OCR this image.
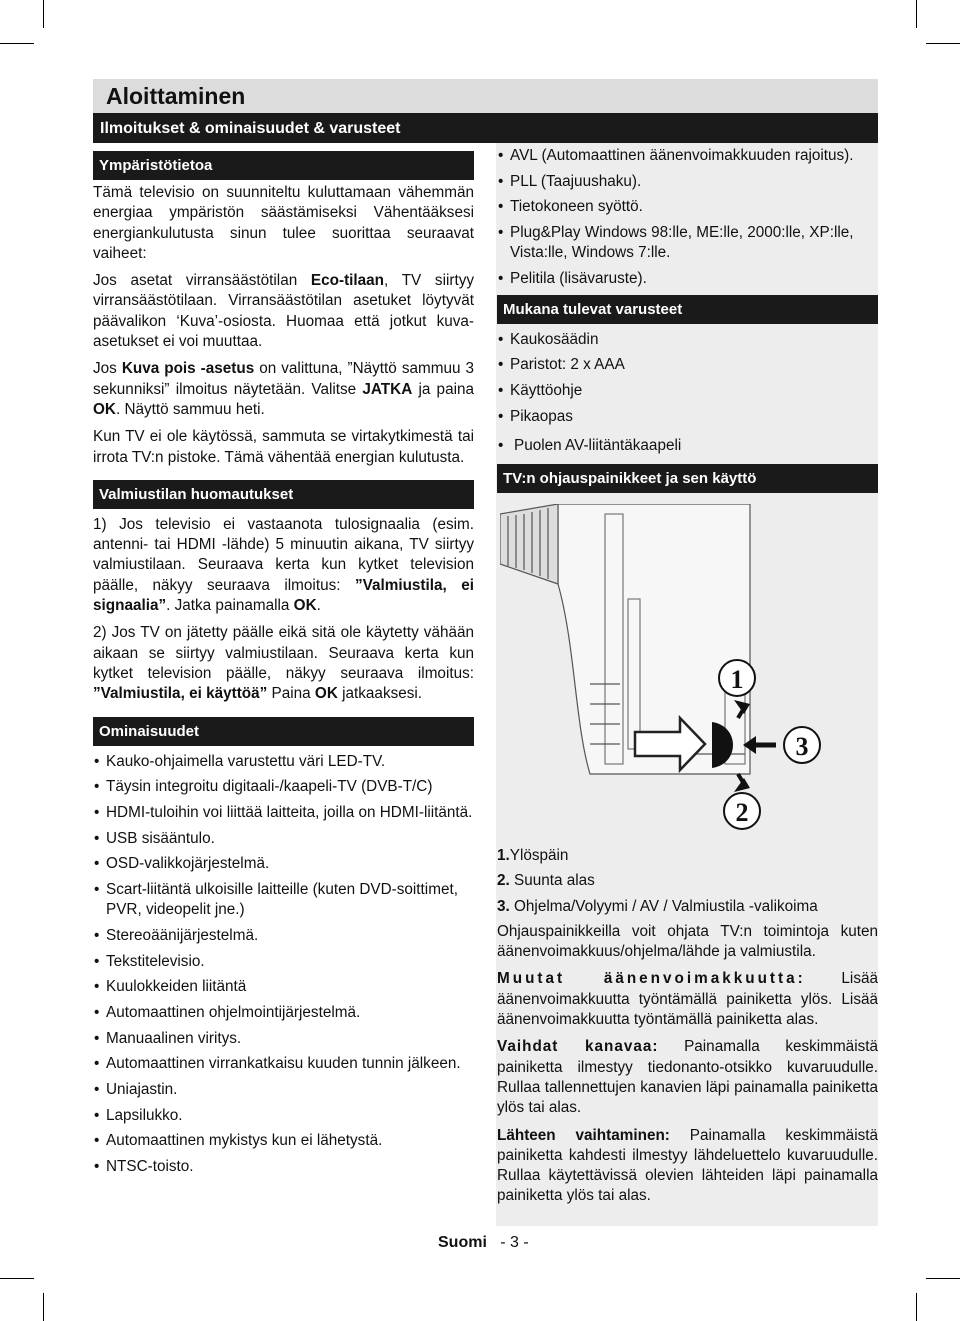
Aloittaminen
Ilmoitukset & ominaisuudet & varusteet
Ympäristötietoa

Tämä televisio on suunniteltu kuluttamaan vähemmän energiaa ympäristön säästämiseksi Vähentääksesi energiankulutusta sinun tulee suorittaa seuraavat vaiheet:

Jos asetat virransäästötilan Eco-tilaan, TV siirtyy virransäästötilaan. Virransäästötilan asetuket löytyvät päävalikon ‘Kuva’-osiosta. Huomaa että jotkut kuva-asetukset ei voi muuttaa.

Jos Kuva pois -asetus on valittuna, ”Näyttö sammuu 3 sekunniksi” ilmoitus näytetään. Valitse JATKA ja paina OK. Näyttö sammuu heti.

Kun TV ei ole käytössä, sammuta se virtakytkimestä tai irrota TV:n pistoke. Tämä vähentää energian kulutusta.

Valmiustilan huomautukset

1) Jos televisio ei vastaanota tulosignaalia (esim. antenni- tai HDMI -lähde) 5 minuutin aikana, TV siirtyy valmiustilaan. Seuraava kerta kun kytket television päälle, näkyy seuraava ilmoitus: ”Valmiustila, ei signaalia”. Jatka painamalla OK.

2) Jos TV on jätetty päälle eikä sitä ole käytetty vähään aikaan se siirtyy valmiustilaan. Seuraava kerta kun kytket television päälle, näkyy seuraava ilmoitus: ”Valmiustila, ei käyttöä” Paina OK jatkaaksesi.

Ominaisuudet
• Kauko-ohjaimella varustettu väri LED-TV.
• Täysin integroitu digitaali-/kaapeli-TV (DVB-T/C)
• HDMI-tuloihin voi liittää laitteita, joilla on HDMI-liitäntä.
• USB sisääntulo.
• OSD-valikkojärjestelmä.
• Scart-liitäntä ulkoisille laitteille (kuten DVD-soittimet, PVR, videopelit jne.)
• Stereoäänijärjestelmä.
• Tekstitelevisio.
• Kuulokkeiden liitäntä
• Automaattinen ohjelmointijärjestelmä.
• Manuaalinen viritys.
• Automaattinen virrankatkaisu kuuden tunnin jälkeen.
• Uniajastin.
• Lapsilukko.
• Automaattinen mykistys kun ei lähetystä.
• NTSC-toisto.
• AVL (Automaattinen äänenvoimakkuuden rajoitus).
• PLL (Taajuushaku).
• Tietokoneen syöttö.
• Plug&Play Windows 98:lle, ME:lle, 2000:lle, XP:lle, Vista:lle, Windows 7:lle.
• Pelitila (lisävaruste).
Mukana tulevat varusteet
• Kaukosäädin
• Paristot: 2 x AAA
• Käyttöohje
• Pikaopas
• Puolen AV-liitäntäkaapeli
TV:n ohjauspainikkeet ja sen käyttö
1
2
3

1.Ylöspäin

2. Suunta alas

3. Ohjelma/Volyymi / AV / Valmiustila -valikoima

Ohjauspainikkeilla voit ohjata TV:n toimintoja kuten äänenvoimakkuus/ohjelma/lähde ja valmiustila.

Muutat äänenvoimakkuutta: Lisää äänenvoimakkuutta työntämällä painiketta ylös. Lisää äänenvoimakkuutta työntämällä painiketta alas.

Vaihdat kanavaa: Painamalla keskimmäistä painiketta ilmestyy tiedonanto-otsikko kuvaruudulle. Rullaa tallennettujen kanavien läpi painamalla painiketta ylös tai alas.

Lähteen vaihtaminen: Painamalla keskimmäistä painiketta kahdesti ilmestyy lähdeluettelo kuvaruudulle. Rullaa käytettävissä olevien lähteiden läpi painamalla painiketta ylös tai alas.

Suomi - 3 -
